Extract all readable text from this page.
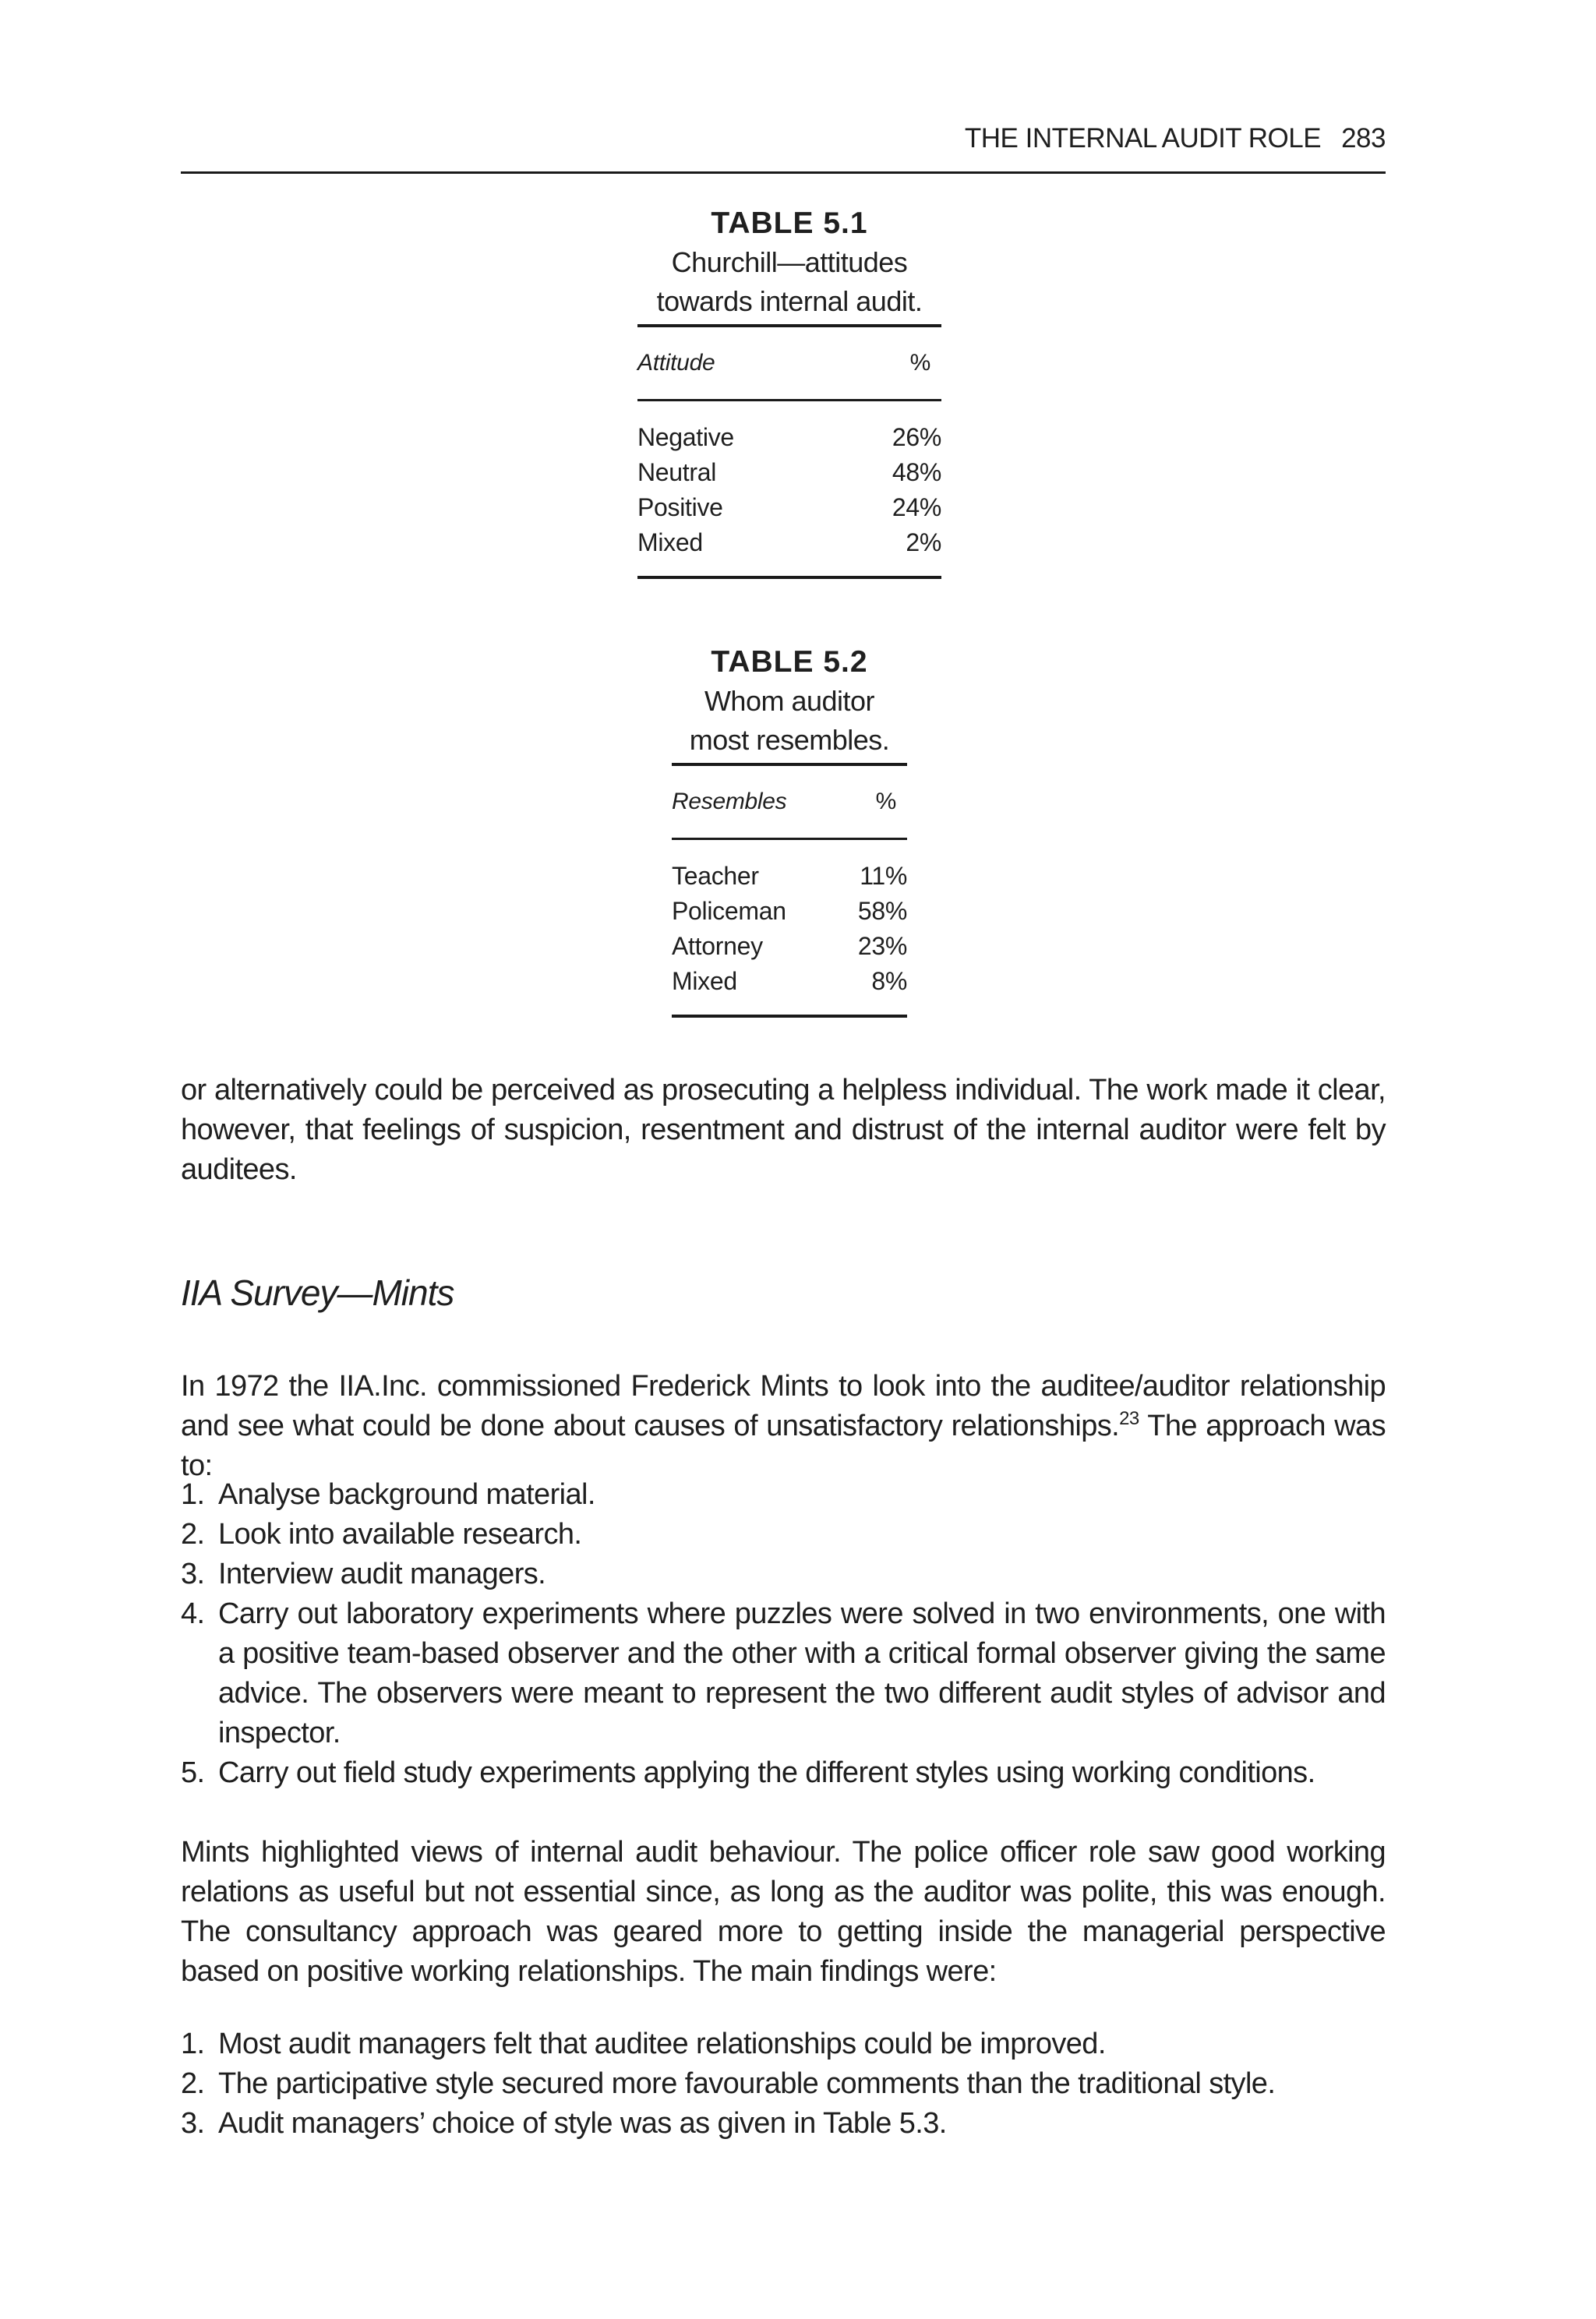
THE INTERNAL AUDIT ROLE 283
TABLE 5.1
Churchill—attitudes
towards internal audit.
Attitude	%
Negative	26%
Neutral	48%
Positive	24%
Mixed	2%
TABLE 5.2
Whom auditor
most resembles.
Resembles	%
Teacher	11%
Policeman	58%
Attorney	23%
Mixed	8%

or alternatively could be perceived as prosecuting a helpless individual. The work made it clear, however, that feelings of suspicion, resentment and distrust of the internal auditor were felt by auditees.

IIA Survey—Mints

In 1972 the IIA.Inc. commissioned Frederick Mints to look into the auditee/auditor relationship and see what could be done about causes of unsatisfactory relationships.$^{23}$ The approach was to:

1. Analyse background material.
2. Look into available research.
3. Interview audit managers.
4. Carry out laboratory experiments where puzzles were solved in two environments, one with a positive team-based observer and the other with a critical formal observer giving the same advice. The observers were meant to represent the two different audit styles of advisor and inspector.
5. Carry out field study experiments applying the different styles using working conditions.

Mints highlighted views of internal audit behaviour. The police officer role saw good working relations as useful but not essential since, as long as the auditor was polite, this was enough. The consultancy approach was geared more to getting inside the managerial perspective based on positive working relationships. The main findings were:

1. Most audit managers felt that auditee relationships could be improved.
2. The participative style secured more favourable comments than the traditional style.
3. Audit managers’ choice of style was as given in Table 5.3.
